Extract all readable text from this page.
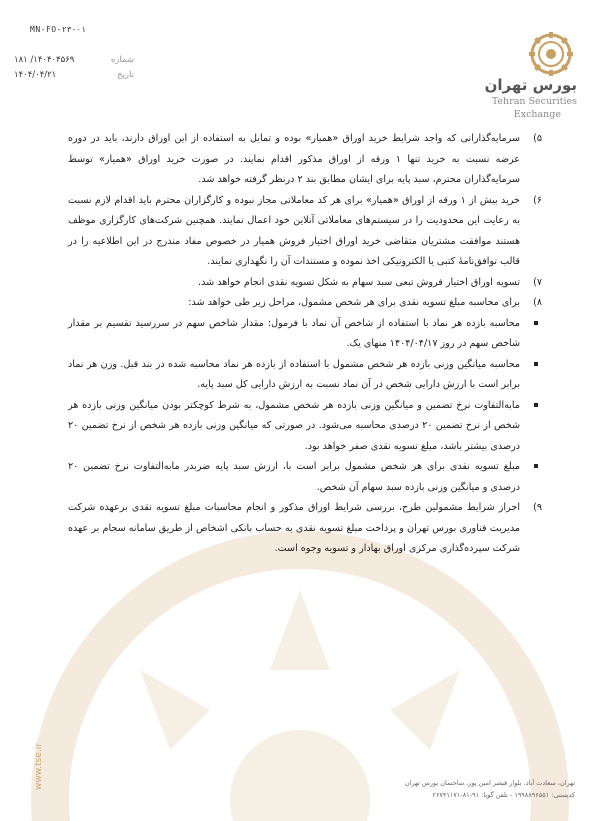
MN-FO-۲۳-۰۱
۱۸۱ /۱۴۰۴۰۴۵۶۹	شماره
۱۴۰۴/۰۴/۲۱	تاریخ
بورس تهران
Tehran Securities
Exchange
(۵
سرمایه‌گذارانی که واجد شرایط خرید اوراق «همیار» بوده و تمایل به استفاده از این اوراق دارند، باید در دوره عرضه نسبت به خرید تنها ۱ ورقه از اوراق مذکور اقدام نمایند. در صورت خرید اوراق «همیار» توسط سرمایه‌گذاران محترم، سبد پایه برای ایشان مطابق بند ۲ درنظر گرفته خواهد شد.
(۶
خرید بیش از ۱ ورقه از اوراق «همیار» برای هر کد معاملاتی مجاز نبوده و کارگزاران محترم باید اقدام لازم نسبت به رعایت این محدودیت را در سیستم‌های معاملاتی آنلاین خود اعمال نمایند. همچنین شرکت‌های کارگزاری موظف هستند موافقت مشتریان متقاضی خرید اوراق اختیار فروش همیار در خصوص مفاد مندرج در این اطلاعیه را در قالب توافق‌نامهٔ کتبی یا الکترونیکی اخذ نموده و مستندات آن را نگهداری نمایند.
(۷
تسویه اوراق اختیار فروش تبعی سبد سهام به شکل تسویه نقدی انجام خواهد شد.
(۸
برای محاسبه مبلغ تسویه نقدی برای هر شخص مشمول، مراحل زیر طی خواهد شد:
محاسبه بازده هر نماد با استفاده از شاخص آن نماد با فرمول: مقدار شاخص سهم در سررسید تقسیم بر مقدار شاخص سهم در روز ۱۴۰۴/۰۴/۱۷ منهای یک.
محاسبه میانگین وزنی بازده هر شخص مشمول با استفاده از بازده هر نماد محاسبه شده در بند قبل. وزن هر نماد برابر است با ارزش دارایی شخص در آن نماد نسبت به ارزش دارایی کل سبد پایه.
مابه‌التفاوت نرخ تضمین و میانگین وزنی بازده هر شخص مشمول، به شرط کوچکتر بودن میانگین وزنی بازده هر شخص از نرخ تضمین ۲۰ درصدی محاسبه می‌شود. در صورتی که میانگین وزنی بازده هر شخص از نرخ تضمین ۲۰ درصدی بیشتر باشد، مبلغ تسویه نقدی صفر خواهد بود.
مبلغ تسویه نقدی برای هر شخص مشمول برابر است با، ارزش سبد پایه ضربدر مابه‌التفاوت نرخ تضمین ۲۰ درصدی و میانگین وزنی بازده سبد سهام آن شخص.
(۹
احراز شرایط مشمولین طرح، بررسی شرایط اوراق مذکور و انجام محاسبات مبلغ تسویه نقدی برعهده شرکت مدیریت فناوری بورس تهران و پرداخت مبلغ تسویه نقدی به حساب بانکی اشخاص از طریق سامانه سجام بر عهده شرکت سپرده‌گذاری مرکزی اوراق بهادار و تسویه وجوه است.
www.tse.ir	تهران، سعادت آباد، بلوار قیصر امین پور، ساختمان بورس تهران
کدپستی: ۱۹۹۸۸۹۶۵۵۱ - تلفن گویا: ۹۱-۸۱-۲۶۷۴۱۱۷۱
